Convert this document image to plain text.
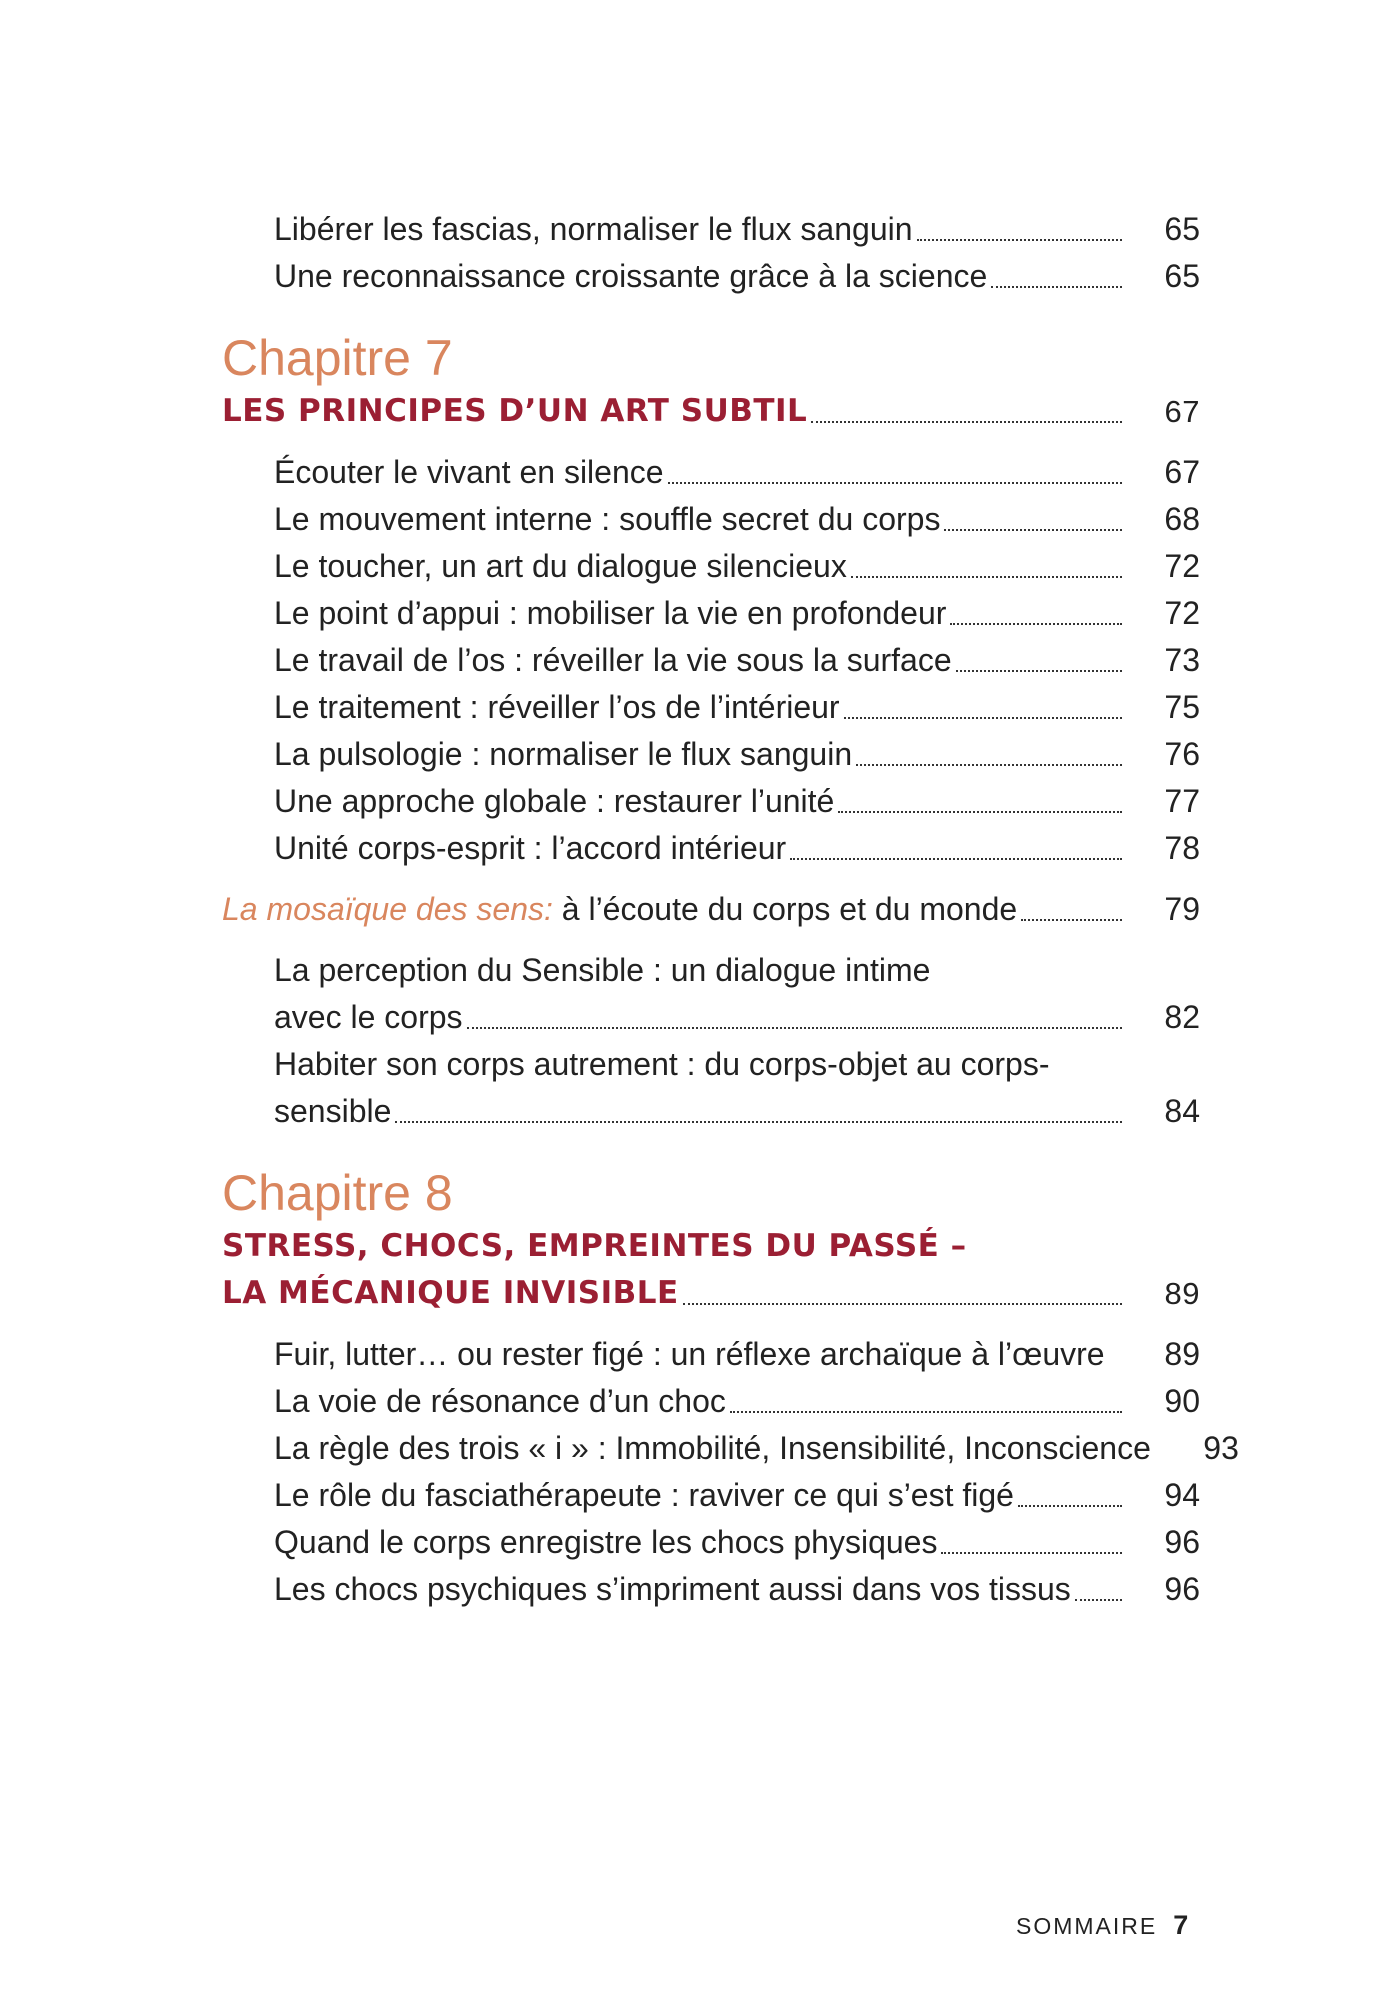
Libérer les fascias, normaliser le flux sanguin	65
Une reconnaissance croissante grâce à la science	65
Chapitre 7
LES PRINCIPES D’UN ART SUBTIL	67
Écouter le vivant en silence	67
Le mouvement interne : souffle secret du corps	68
Le toucher, un art du dialogue silencieux	72
Le point d’appui : mobiliser la vie en profondeur	72
Le travail de l’os : réveiller la vie sous la surface	73
Le traitement : réveiller l’os de l’intérieur	75
La pulsologie : normaliser le flux sanguin	76
Une approche globale : restaurer l’unité	77
Unité corps-esprit : l’accord intérieur	78
La mosaïque des sens: à l’écoute du corps et du monde	79
La perception du Sensible : un dialogue intime
avec le corps	82
Habiter son corps autrement : du corps-objet au corps-
sensible	84
Chapitre 8
STRESS, CHOCS, EMPREINTES DU PASSÉ –
LA MÉCANIQUE INVISIBLE	89
Fuir, lutter… ou rester figé : un réflexe archaïque à l’œuvre	89
La voie de résonance d’un choc	90
La règle des trois « i » : Immobilité, Insensibilité, Inconscience	93
Le rôle du fasciathérapeute : raviver ce qui s’est figé	94
Quand le corps enregistre les chocs physiques	96
Les chocs psychiques s’impriment aussi dans vos tissus	96
SOMMAIRE 7
